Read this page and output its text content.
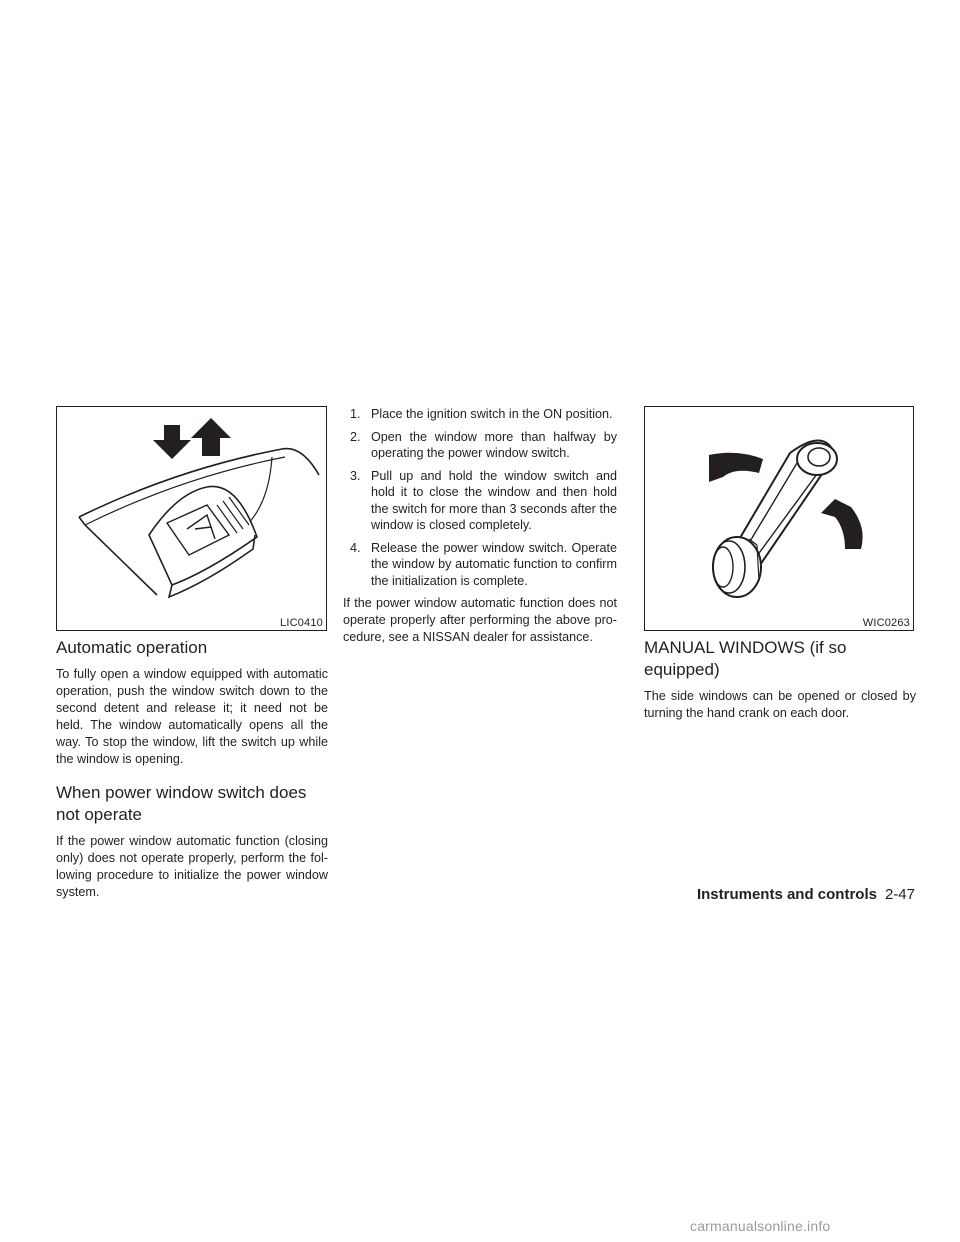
LIC0410	WIC0263
Automatic operation

To fully open a window equipped with automatic operation, push the window switch down to the second detent and release it; it need not be held. The window automatically opens all the way. To stop the window, lift the switch up while the window is opening.

When power window switch does not operate

If the power window automatic function (closing only) does not operate properly, perform the fol- lowing procedure to initialize the power window system.

1. Place the ignition switch in the ON position.
2. Open the window more than halfway by operating the power window switch.
3. Pull up and hold the window switch and hold it to close the window and then hold the switch for more than 3 seconds after the window is closed completely.
4. Release the power window switch. Operate the window by automatic function to confirm the initialization is complete.

If the power window automatic function does not operate properly after performing the above pro- cedure, see a NISSAN dealer for assistance.

MANUAL WINDOWS (if so equipped)

The side windows can be opened or closed by turning the hand crank on each door.

Instruments and controls 2-47
carmanualsonline.info
